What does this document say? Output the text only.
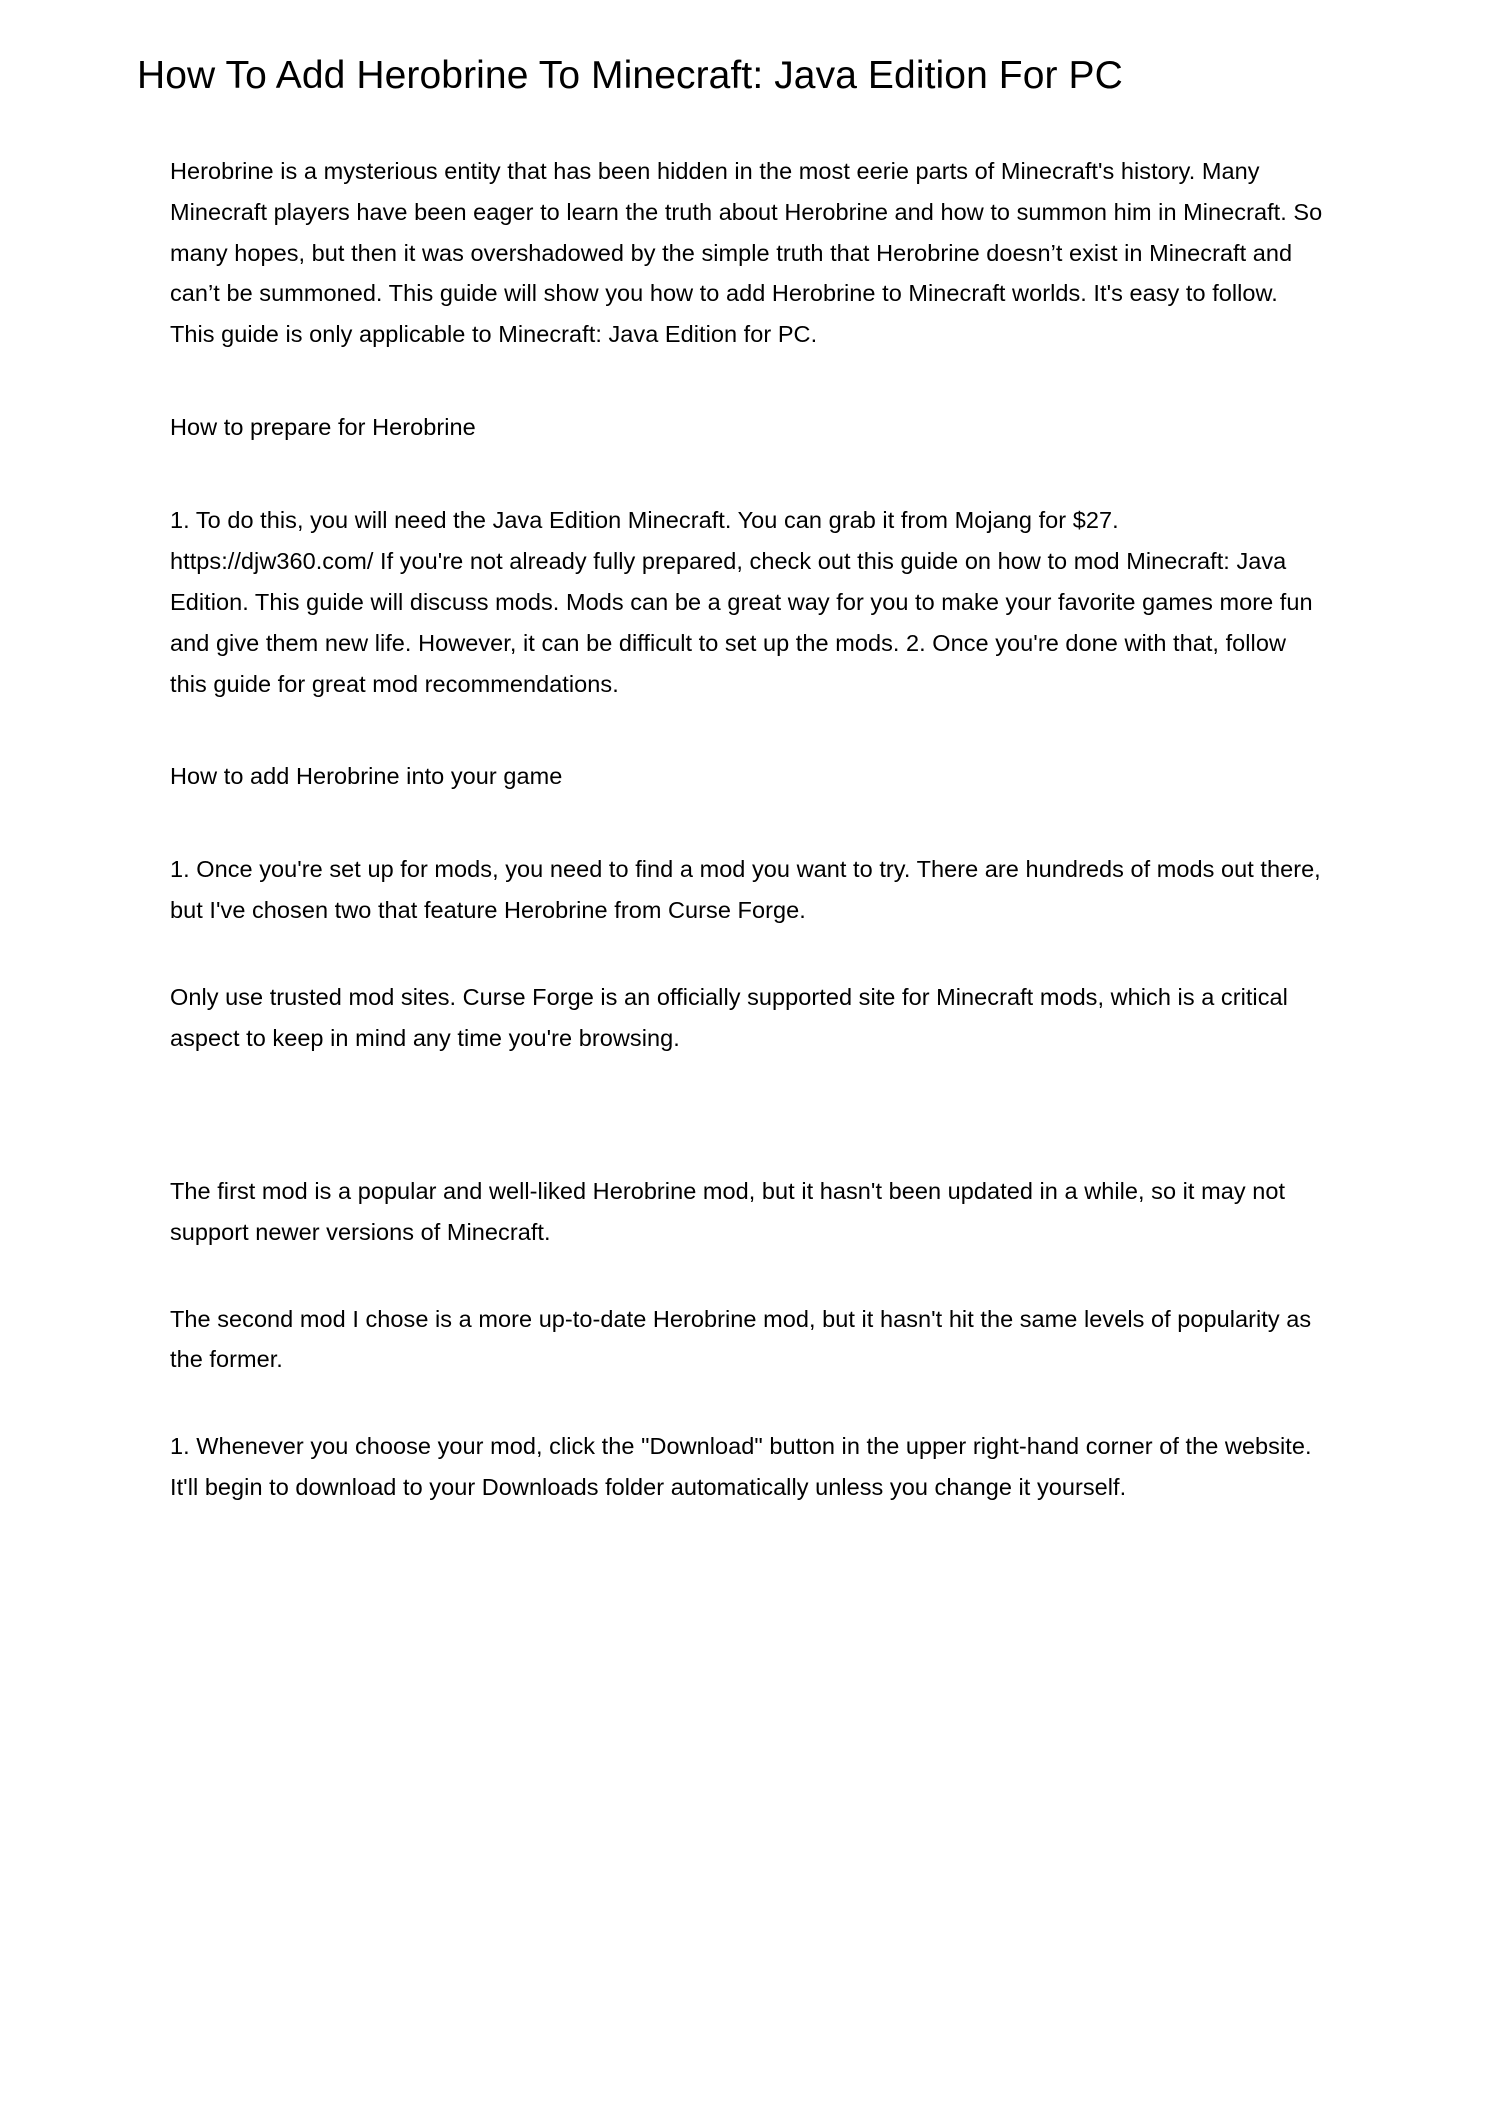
How To Add Herobrine To Minecraft: Java Edition For PC

Herobrine is a mysterious entity that has been hidden in the most eerie parts of Minecraft's history. Many Minecraft players have been eager to learn the truth about Herobrine and how to summon him in Minecraft. So many hopes, but then it was overshadowed by the simple truth that Herobrine doesn’t exist in Minecraft and can’t be summoned. This guide will show you how to add Herobrine to Minecraft worlds. It's easy to follow. This guide is only applicable to Minecraft: Java Edition for PC.

How to prepare for Herobrine

1. To do this, you will need the Java Edition Minecraft. You can grab it from Mojang for $27. https://djw360.com/ If you're not already fully prepared, check out this guide on how to mod Minecraft: Java Edition. This guide will discuss mods. Mods can be a great way for you to make your favorite games more fun and give them new life. However, it can be difficult to set up the mods. 2. Once you're done with that, follow this guide for great mod recommendations.

How to add Herobrine into your game

1. Once you're set up for mods, you need to find a mod you want to try. There are hundreds of mods out there, but I've chosen two that feature Herobrine from Curse Forge.

Only use trusted mod sites. Curse Forge is an officially supported site for Minecraft mods, which is a critical aspect to keep in mind any time you're browsing.

The first mod is a popular and well-liked Herobrine mod, but it hasn't been updated in a while, so it may not support newer versions of Minecraft.

The second mod I chose is a more up-to-date Herobrine mod, but it hasn't hit the same levels of popularity as the former.

1. Whenever you choose your mod, click the "Download" button in the upper right-hand corner of the website. It'll begin to download to your Downloads folder automatically unless you change it yourself.
